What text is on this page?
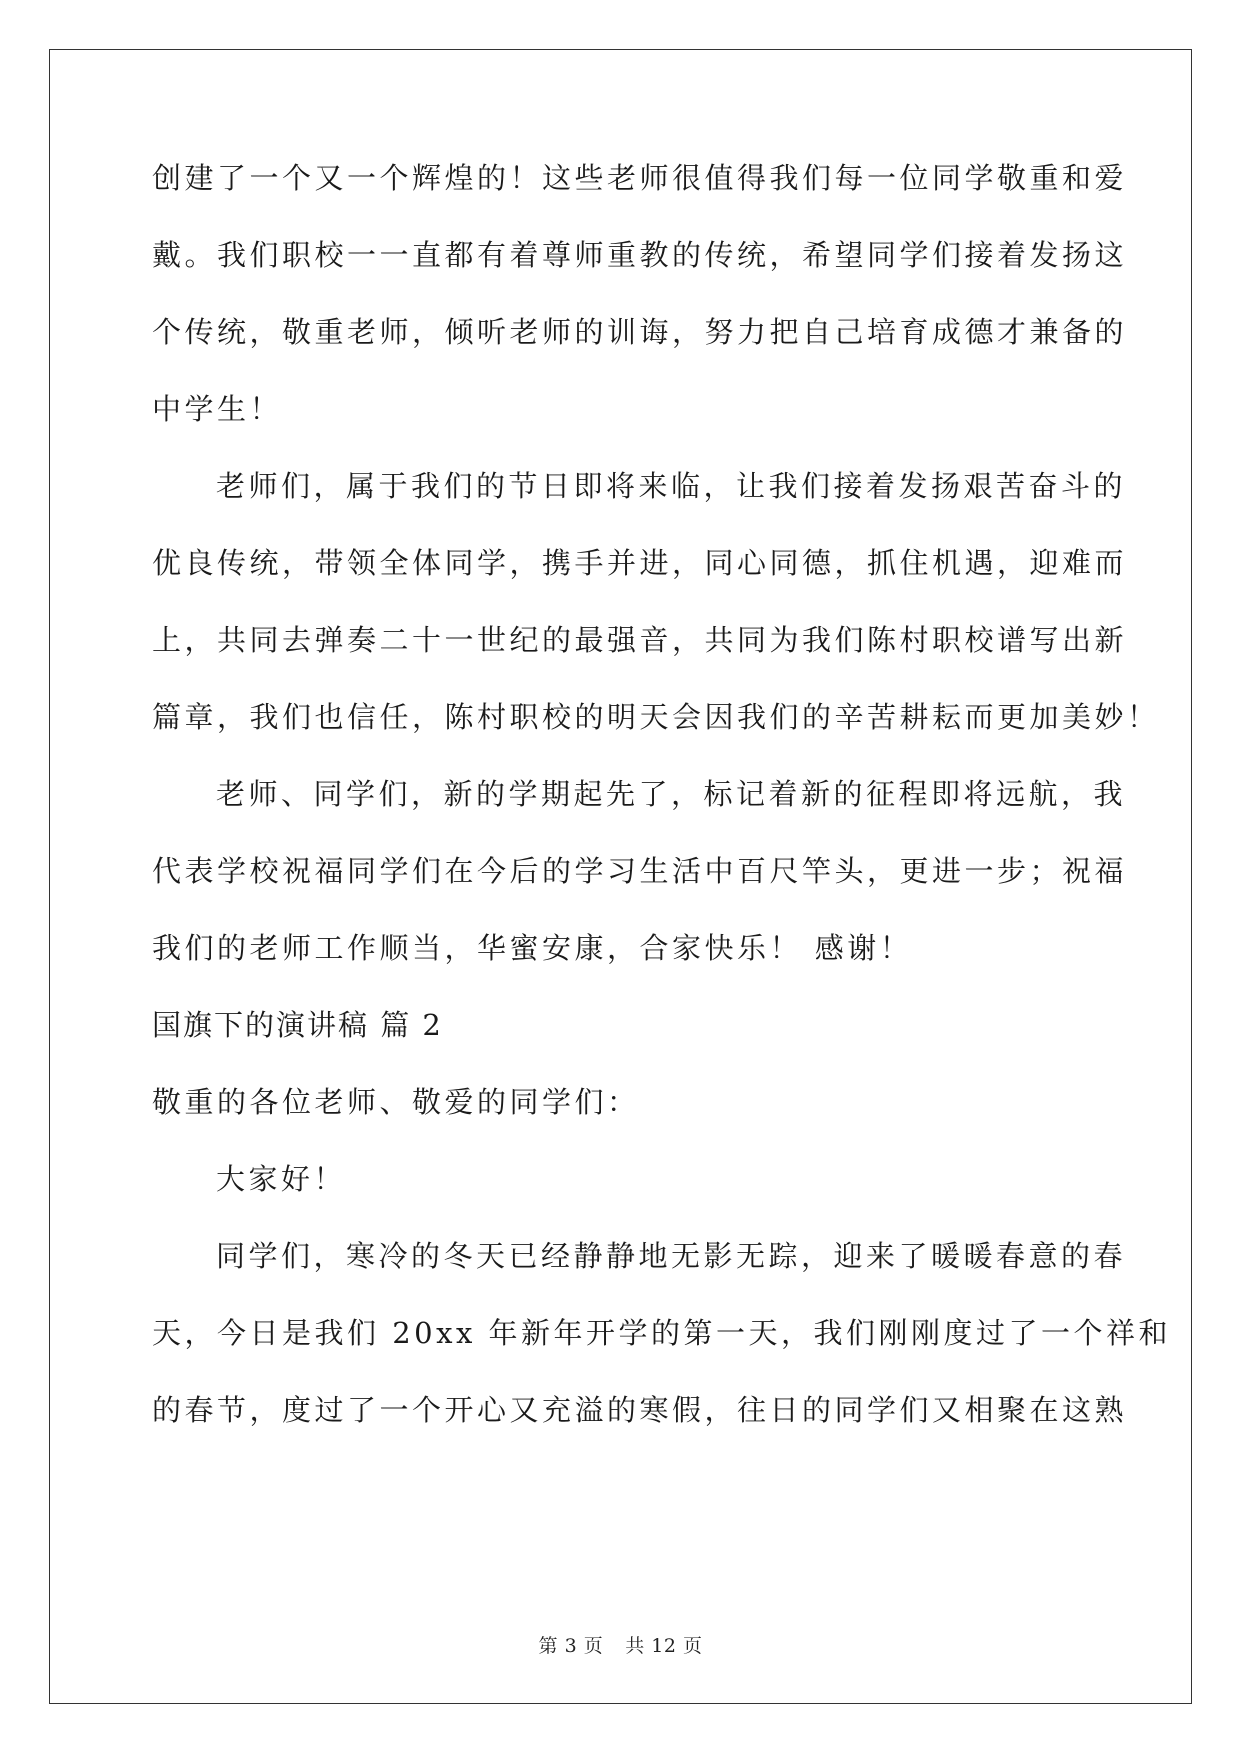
创建了一个又一个辉煌的！这些老师很值得我们每一位同学敬重和爱
戴。我们职校一一直都有着尊师重教的传统，希望同学们接着发扬这
个传统，敬重老师，倾听老师的训诲，努力把自己培育成德才兼备的
中学生！
老师们，属于我们的节日即将来临，让我们接着发扬艰苦奋斗的
优良传统，带领全体同学，携手并进，同心同德，抓住机遇，迎难而
上，共同去弹奏二十一世纪的最强音，共同为我们陈村职校谱写出新
篇章，我们也信任，陈村职校的明天会因我们的辛苦耕耘而更加美妙！
老师、同学们，新的学期起先了，标记着新的征程即将远航，我
代表学校祝福同学们在今后的学习生活中百尺竿头，更进一步；祝福
我们的老师工作顺当，华蜜安康，合家快乐！ 感谢！
国旗下的演讲稿 篇 2
敬重的各位老师、敬爱的同学们：
大家好！
同学们，寒冷的冬天已经静静地无影无踪，迎来了暖暖春意的春
天，今日是我们 20xx 年新年开学的第一天，我们刚刚度过了一个祥和
的春节，度过了一个开心又充溢的寒假，往日的同学们又相聚在这熟
第 3 页 共 12 页
